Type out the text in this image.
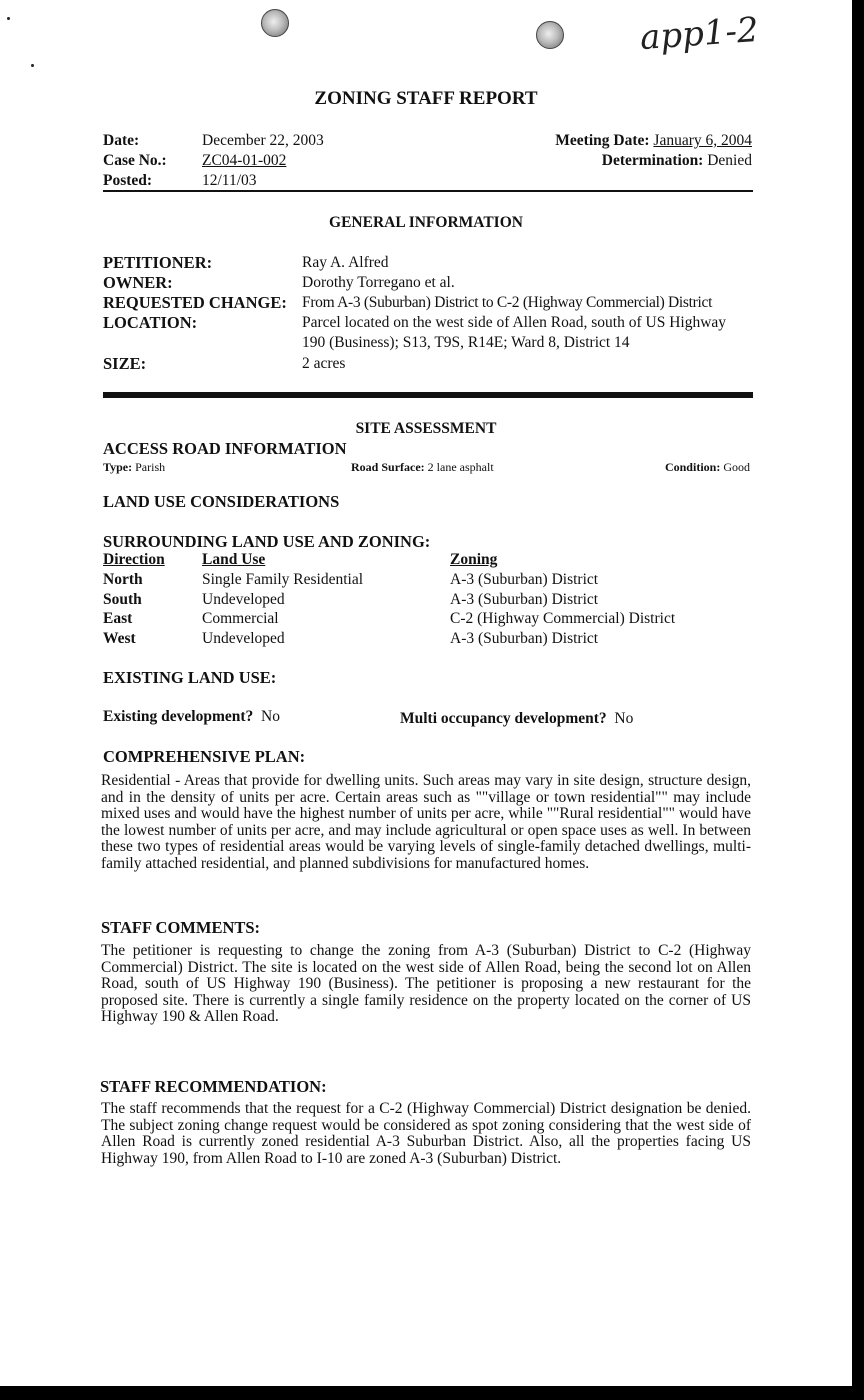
app1-2
ZONING STAFF REPORT
Date:	December 22, 2003
Case No.: ZC04-01-002
Posted:	12/11/03
Meeting Date: January 6, 2004
Determination: Denied
GENERAL INFORMATION
PETITIONER:	Ray A. Alfred
OWNER:	Dorothy Torregano et al.
REQUESTED CHANGE: From A-3 (Suburban) District to C-2 (Highway Commercial) District
LOCATION:	Parcel located on the west side of Allen Road, south of US Highway
190 (Business); S13, T9S, R14E; Ward 8, District 14
SIZE:	2 acres
SITE ASSESSMENT
ACCESS ROAD INFORMATION
Type: Parish	Road Surface: 2 lane asphalt	Condition: Good
LAND USE CONSIDERATIONS
SURROUNDING LAND USE AND ZONING:
Direction Land Use	Zoning
North	Single Family Residential	A-3 (Suburban) District
South	Undeveloped	A-3 (Suburban) District
East	Commercial	C-2 (Highway Commercial) District
West	Undeveloped	A-3 (Suburban) District
EXISTING LAND USE:
Existing development? No	Multi occupancy development? No
COMPREHENSIVE PLAN:
Residential - Areas that provide for dwelling units. Such areas may vary in site design, structure design, and in the density of units per acre. Certain areas such as ""village or town residential"" may include mixed uses and would have the highest number of units per acre, while ""Rural residential"" would have the lowest number of units per acre, and may include agricultural or open space uses as well. In between these two types of residential areas would be varying levels of single-family detached dwellings, multi-family attached residential, and planned subdivisions for manufactured homes.
STAFF COMMENTS:
The petitioner is requesting to change the zoning from A-3 (Suburban) District to C-2 (Highway Commercial) District. The site is located on the west side of Allen Road, being the second lot on Allen Road, south of US Highway 190 (Business). The petitioner is proposing a new restaurant for the proposed site. There is currently a single family residence on the property located on the corner of US Highway 190 & Allen Road.
STAFF RECOMMENDATION:
The staff recommends that the request for a C-2 (Highway Commercial) District designation be denied. The subject zoning change request would be considered as spot zoning considering that the west side of Allen Road is currently zoned residential A-3 Suburban District. Also, all the properties facing US Highway 190, from Allen Road to I-10 are zoned A-3 (Suburban) District.
